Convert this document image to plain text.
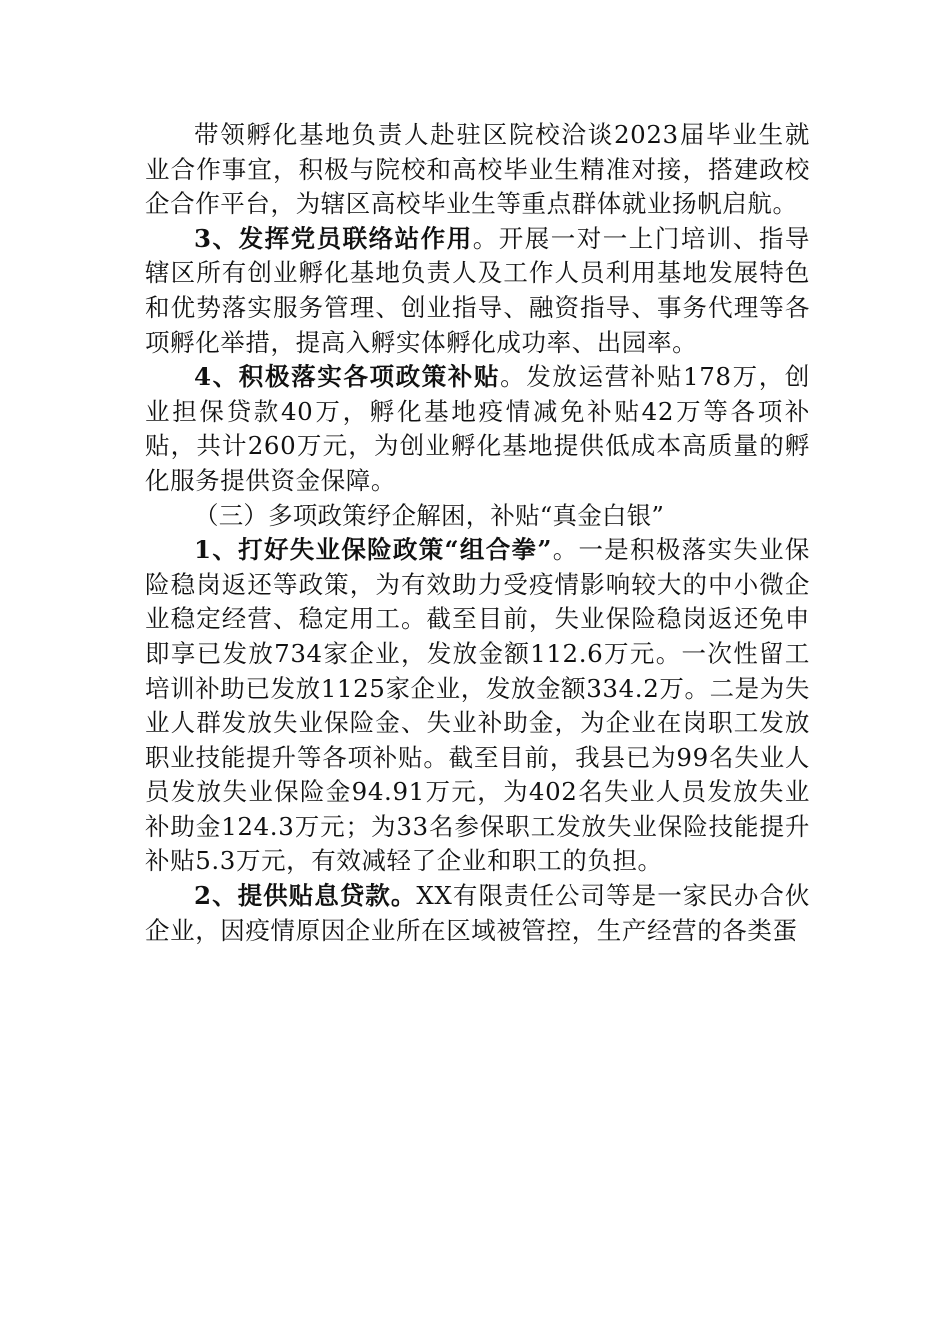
带领孵化基地负责人赴驻区院校洽谈2023届毕业生就业合作事宜，积极与院校和高校毕业生精准对接，搭建政校企合作平台，为辖区高校毕业生等重点群体就业扬帆启航。

3、发挥党员联络站作用。开展一对一上门培训、指导辖区所有创业孵化基地负责人及工作人员利用基地发展特色和优势落实服务管理、创业指导、融资指导、事务代理等各项孵化举措，提高入孵实体孵化成功率、出园率。

4、积极落实各项政策补贴。发放运营补贴178万，创业担保贷款40万，孵化基地疫情减免补贴42万等各项补贴，共计260万元，为创业孵化基地提供低成本高质量的孵化服务提供资金保障。

（三）多项政策纾企解困，补贴“真金白银”

1、打好失业保险政策“组合拳”。一是积极落实失业保险稳岗返还等政策，为有效助力受疫情影响较大的中小微企业稳定经营、稳定用工。截至目前，失业保险稳岗返还免申即享已发放734家企业，发放金额112.6万元。一次性留工培训补助已发放1125家企业，发放金额334.2万。二是为失业人群发放失业保险金、失业补助金，为企业在岗职工发放职业技能提升等各项补贴。截至目前，我县已为99名失业人员发放失业保险金94.91万元，为402名失业人员发放失业补助金124.3万元；为33名参保职工发放失业保险技能提升补贴5.3万元，有效减轻了企业和职工的负担。

2、提供贴息贷款。XX有限责任公司等是一家民办合伙企业，因疫情原因企业所在区域被管控，生产经营的各类蛋
